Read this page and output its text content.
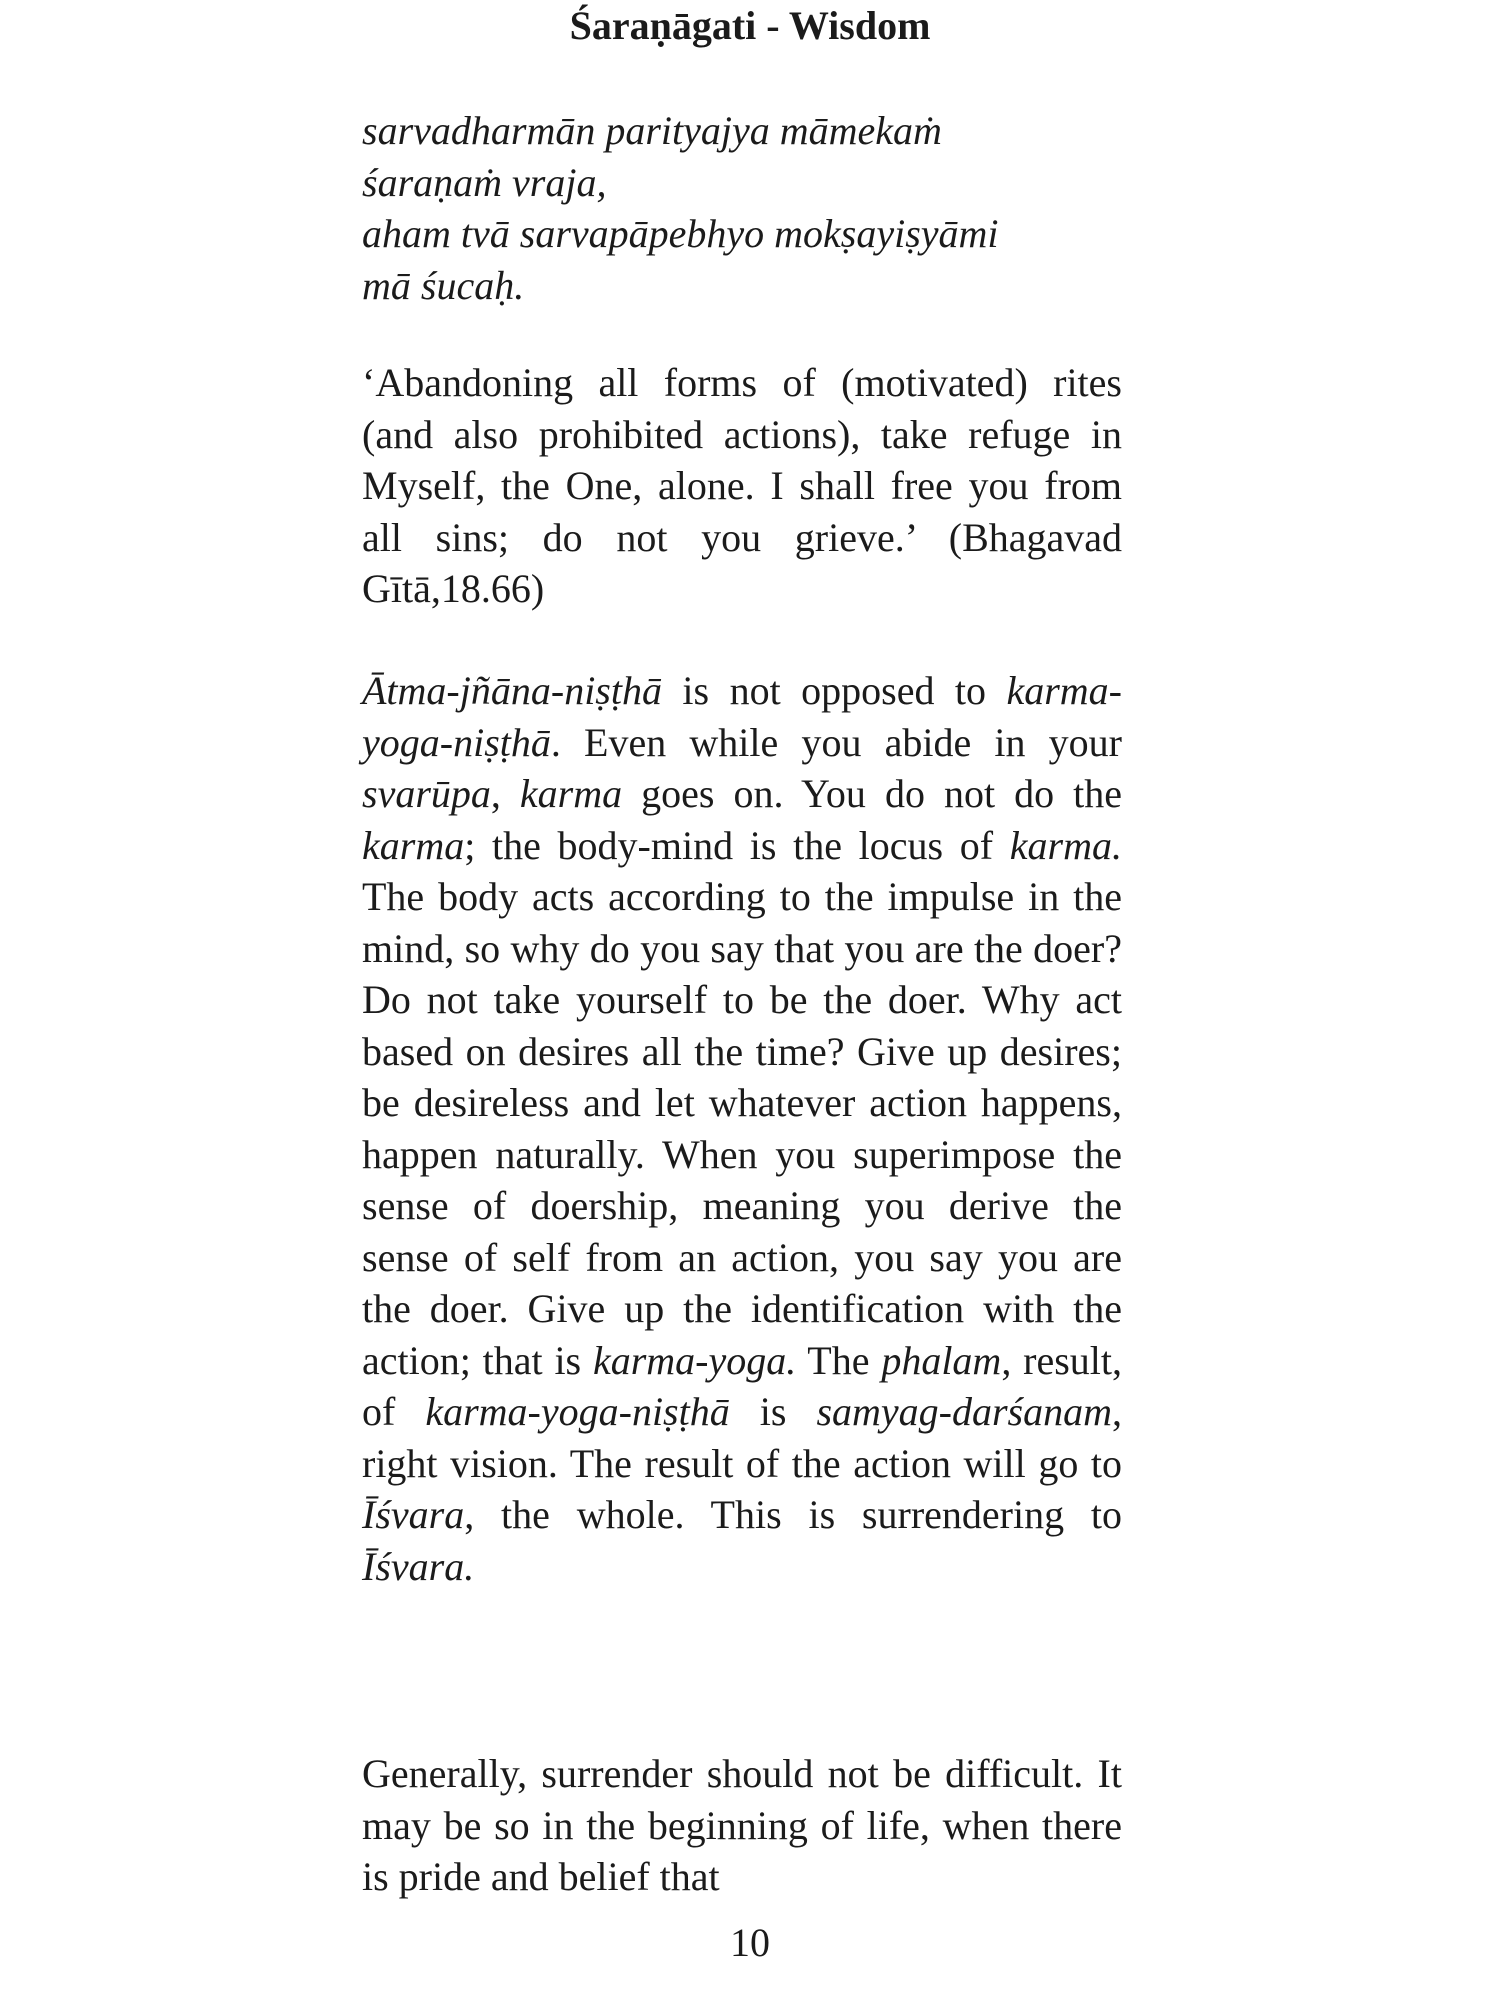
Śaraṇāgati - Wisdom
sarvadharmān parityajya māmekaṁ
śaraṇaṁ vraja,
aham tvā sarvapāpebhyo mokṣayiṣyāmi
mā śucaḥ.
‘Abandoning all forms of (motivated) rites (and also prohibited actions), take refuge in Myself, the One, alone. I shall free you from all sins; do not you grieve.’ (Bhagavad Gītā,18.66)
Ātma-jñāna-niṣṭhā is not opposed to karma-yoga-niṣṭhā. Even while you abide in your svarūpa, karma goes on. You do not do the karma; the body-mind is the locus of karma. The body acts according to the impulse in the mind, so why do you say that you are the doer? Do not take yourself to be the doer. Why act based on desires all the time? Give up desires; be desireless and let whatever action happens, happen naturally. When you superimpose the sense of doership, meaning you derive the sense of self from an action, you say you are the doer. Give up the identification with the action; that is karma-yoga. The phalam, result, of karma-yoga-niṣṭhā is samyag-darśanam, right vision. The result of the action will go to Īśvara, the whole. This is surrendering to Īśvara.
Generally, surrender should not be difficult. It may be so in the beginning of life, when there is pride and belief that
10
